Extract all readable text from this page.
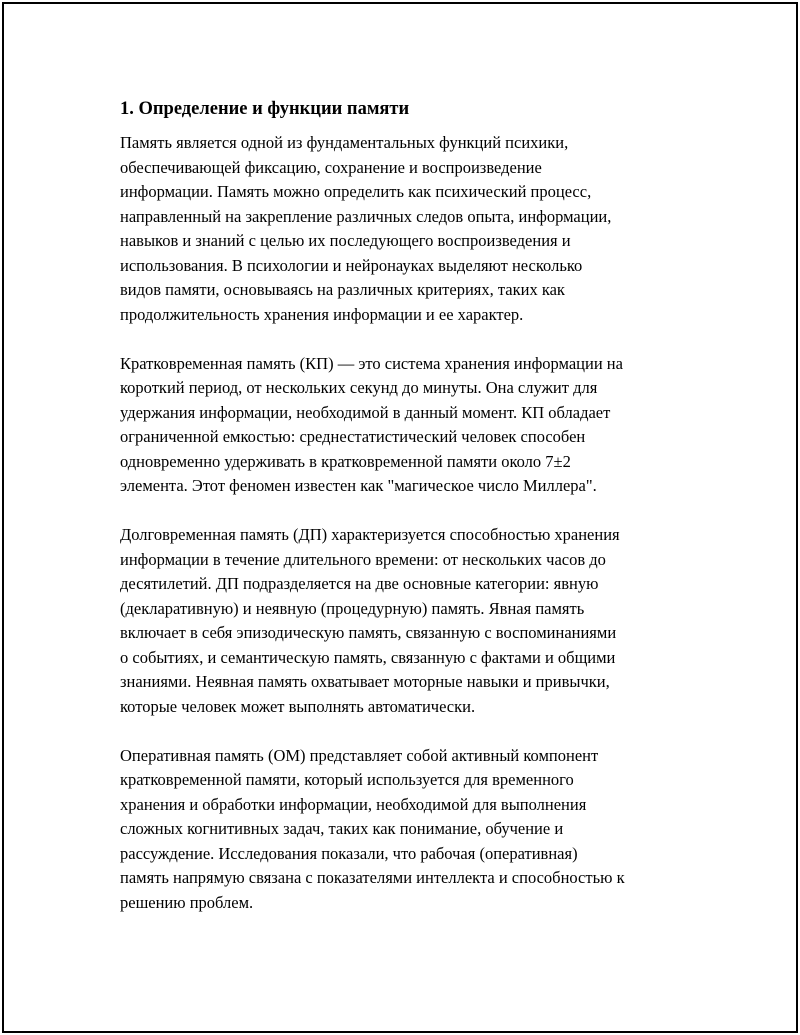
1. Определение и функции памяти

Память является одной из фундаментальных функций психики,
обеспечивающей фиксацию, сохранение и воспроизведение
информации. Память можно определить как психический процесс,
направленный на закрепление различных следов опыта, информации,
навыков и знаний с целью их последующего воспроизведения и
использования. В психологии и нейронауках выделяют несколько
видов памяти, основываясь на различных критериях, таких как
продолжительность хранения информации и ее характер.

Кратковременная память (КП) — это система хранения информации на
короткий период, от нескольких секунд до минуты. Она служит для
удержания информации, необходимой в данный момент. КП обладает
ограниченной емкостью: среднестатистический человек способен
одновременно удерживать в кратковременной памяти около 7±2
элемента. Этот феномен известен как "магическое число Миллера".

Долговременная память (ДП) характеризуется способностью хранения
информации в течение длительного времени: от нескольких часов до
десятилетий. ДП подразделяется на две основные категории: явную
(декларативную) и неявную (процедурную) память. Явная память
включает в себя эпизодическую память, связанную с воспоминаниями
о событиях, и семантическую память, связанную с фактами и общими
знаниями. Неявная память охватывает моторные навыки и привычки,
которые человек может выполнять автоматически.

Оперативная память (ОМ) представляет собой активный компонент
кратковременной памяти, который используется для временного
хранения и обработки информации, необходимой для выполнения
сложных когнитивных задач, таких как понимание, обучение и
рассуждение. Исследования показали, что рабочая (оперативная)
память напрямую связана с показателями интеллекта и способностью к
решению проблем.
